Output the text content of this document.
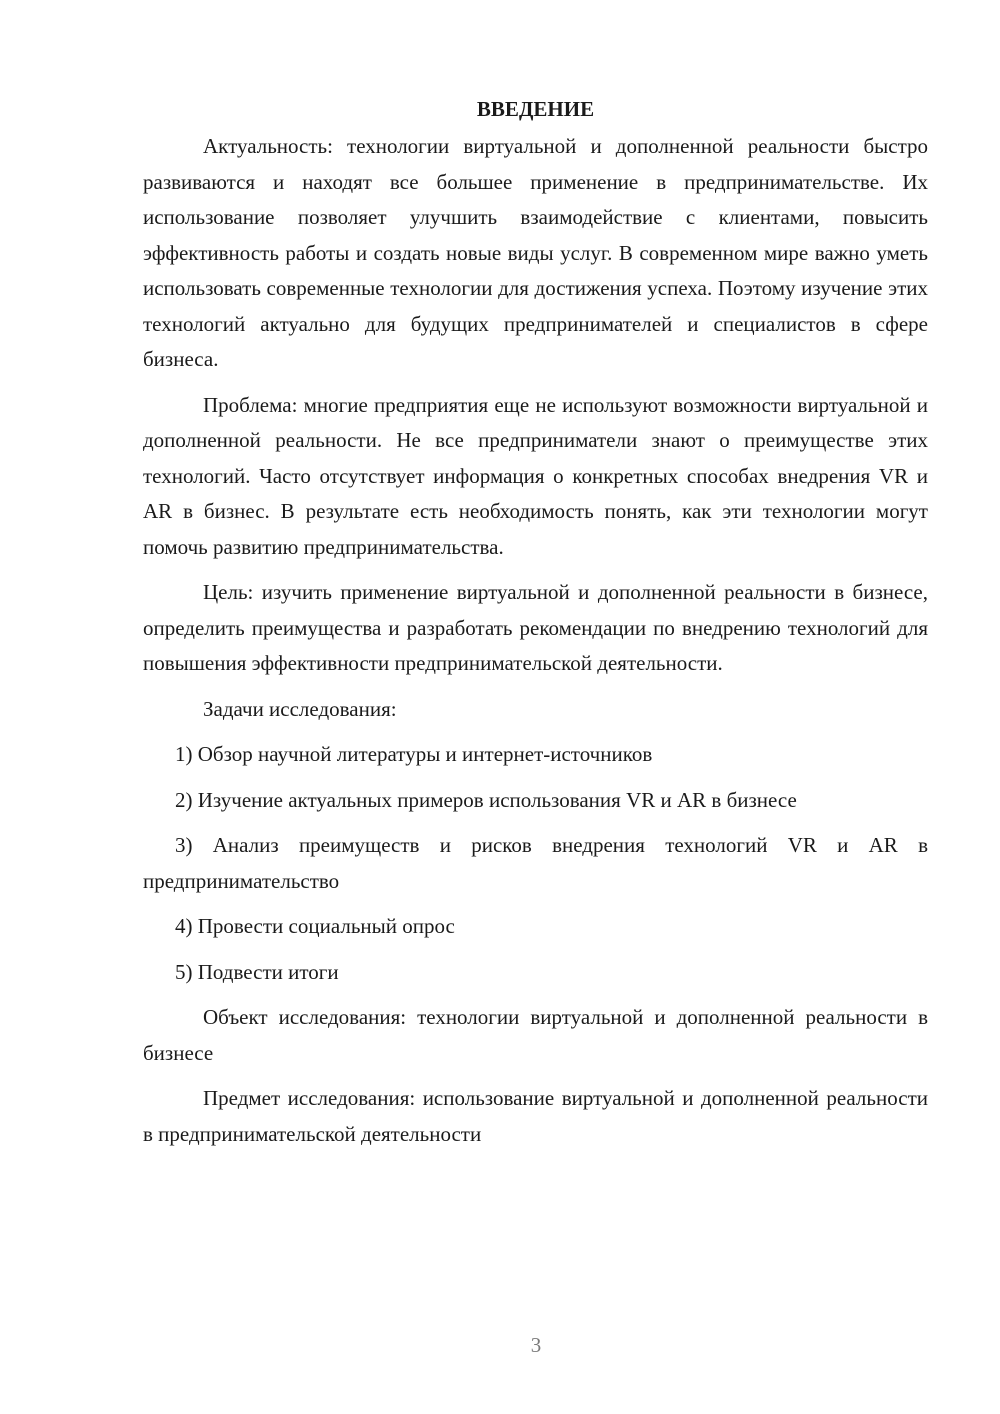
ВВЕДЕНИЕ

Актуальность: технологии виртуальной и дополненной реальности быстро развиваются и находят все большее применение в предпринимательстве. Их использование позволяет улучшить взаимодействие с клиентами, повысить эффективность работы и создать новые виды услуг. В современном мире важно уметь использовать современные технологии для достижения успеха. Поэтому изучение этих технологий актуально для будущих предпринимателей и специалистов в сфере бизнеса.

Проблема: многие предприятия еще не используют возможности виртуальной и дополненной реальности. Не все предприниматели знают о преимуществе этих технологий. Часто отсутствует информация о конкретных способах внедрения VR и AR в бизнес. В результате есть необходимость понять, как эти технологии могут помочь развитию предпринимательства.

Цель: изучить применение виртуальной и дополненной реальности в бизнесе, определить преимущества и разработать рекомендации по внедрению технологий для повышения эффективности предпринимательской деятельности.

Задачи исследования:

1) Обзор научной литературы и интернет-источников

2) Изучение актуальных примеров использования VR и AR в бизнесе

3) Анализ преимуществ и рисков внедрения технологий VR и AR в предпринимательство

4) Провести социальный опрос

5) Подвести итоги

Объект исследования: технологии виртуальной и дополненной реальности в бизнесе

Предмет исследования: использование виртуальной и дополненной реальности в предпринимательской деятельности

3
